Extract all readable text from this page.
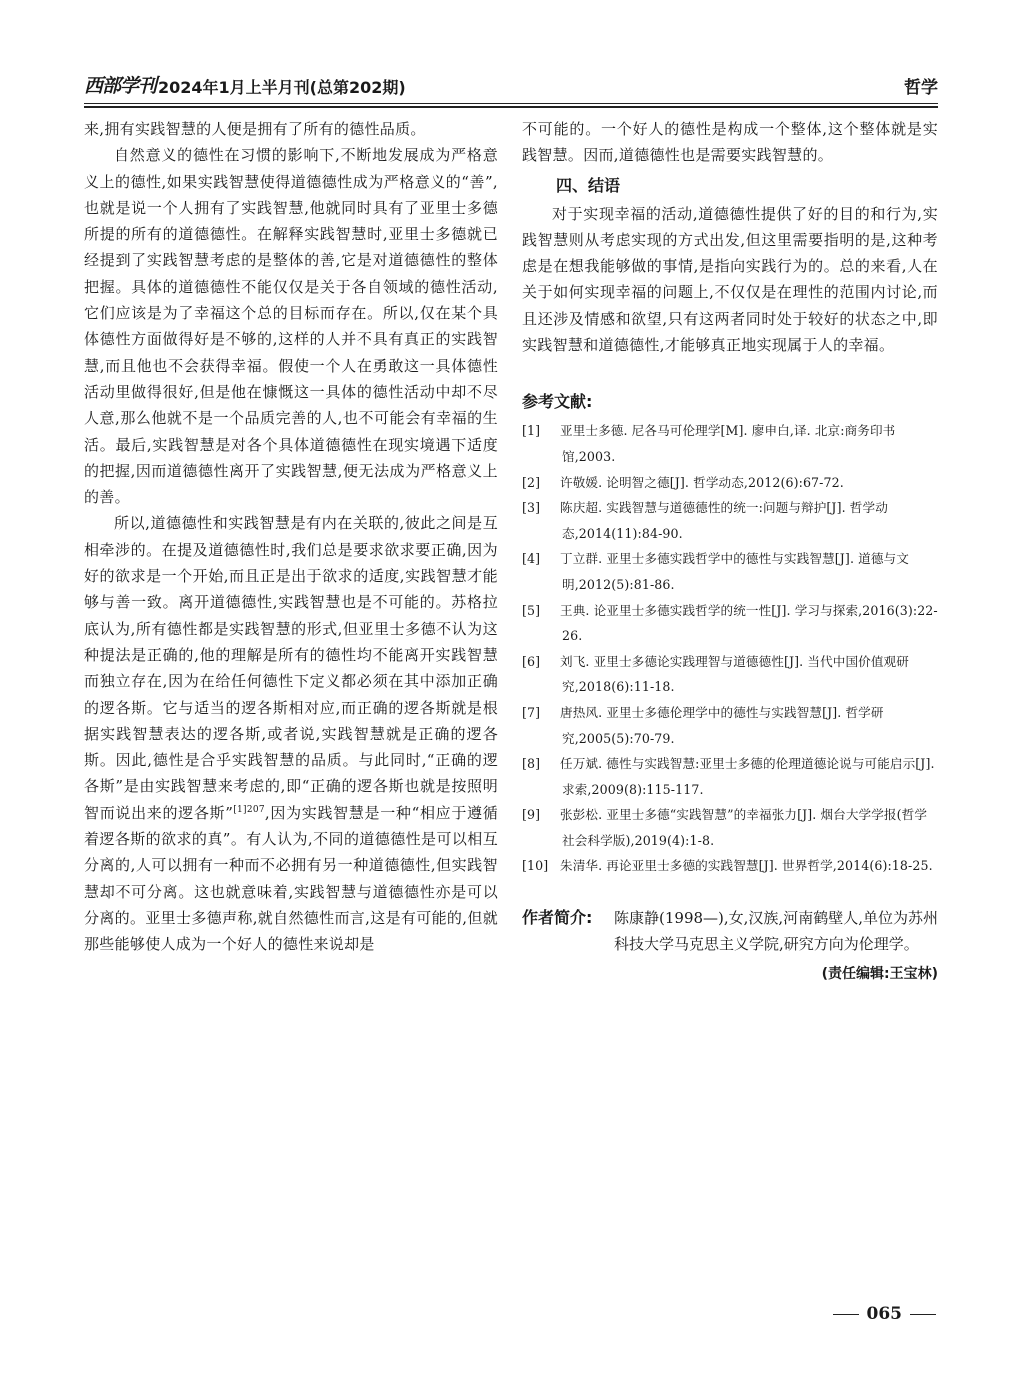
西部学刊 2024年1月上半月刊(总第202期)	哲学

来,拥有实践智慧的人便是拥有了所有的德性品质。

自然意义的德性在习惯的影响下,不断地发展成为严格意义上的德性,如果实践智慧使得道德德性成为严格意义的“善”,也就是说一个人拥有了实践智慧,他就同时具有了亚里士多德所提的所有的道德德性。在解释实践智慧时,亚里士多德就已经提到了实践智慧考虑的是整体的善,它是对道德德性的整体把握。具体的道德德性不能仅仅是关于各自领域的德性活动,它们应该是为了幸福这个总的目标而存在。所以,仅在某个具体德性方面做得好是不够的,这样的人并不具有真正的实践智慧,而且他也不会获得幸福。假使一个人在勇敢这一具体德性活动里做得很好,但是他在慷慨这一具体的德性活动中却不尽人意,那么他就不是一个品质完善的人,也不可能会有幸福的生活。最后,实践智慧是对各个具体道德德性在现实境遇下适度的把握,因而道德德性离开了实践智慧,便无法成为严格意义上的善。

所以,道德德性和实践智慧是有内在关联的,彼此之间是互相牵涉的。在提及道德德性时,我们总是要求欲求要正确,因为好的欲求是一个开始,而且正是出于欲求的适度,实践智慧才能够与善一致。离开道德德性,实践智慧也是不可能的。苏格拉底认为,所有德性都是实践智慧的形式,但亚里士多德不认为这种提法是正确的,他的理解是所有的德性均不能离开实践智慧而独立存在,因为在给任何德性下定义都必须在其中添加正确的逻各斯。它与适当的逻各斯相对应,而正确的逻各斯就是根据实践智慧表达的逻各斯,或者说,实践智慧就是正确的逻各斯。因此,德性是合乎实践智慧的品质。与此同时,“正确的逻各斯”是由实践智慧来考虑的,即“正确的逻各斯也就是按照明智而说出来的逻各斯”$^{[1]207}$,因为实践智慧是一种“相应于遵循着逻各斯的欲求的真”。有人认为,不同的道德德性是可以相互分离的,人可以拥有一种而不必拥有另一种道德德性,但实践智慧却不可分离。这也就意味着,实践智慧与道德德性亦是可以分离的。亚里士多德声称,就自然德性而言,这是有可能的,但就那些能够使人成为一个好人的德性来说却是

不可能的。一个好人的德性是构成一个整体,这个整体就是实践智慧。因而,道德德性也是需要实践智慧的。

四、结语

对于实现幸福的活动,道德德性提供了好的目的和行为,实践智慧则从考虑实现的方式出发,但这里需要指明的是,这种考虑是在想我能够做的事情,是指向实践行为的。总的来看,人在关于如何实现幸福的问题上,不仅仅是在理性的范围内讨论,而且还涉及情感和欲望,只有这两者同时处于较好的状态之中,即实践智慧和道德德性,才能够真正地实现属于人的幸福。

参考文献:
[1] 亚里士多德. 尼各马可伦理学[M]. 廖申白,译. 北京:商务印书馆,2003.
[2] 许敬媛. 论明智之德[J]. 哲学动态,2012(6):67-72.
[3] 陈庆超. 实践智慧与道德德性的统一:问题与辩护[J]. 哲学动态,2014(11):84-90.
[4] 丁立群. 亚里士多德实践哲学中的德性与实践智慧[J]. 道德与文明,2012(5):81-86.
[5] 王典. 论亚里士多德实践哲学的统一性[J]. 学习与探索,2016(3):22-26.
[6] 刘飞. 亚里士多德论实践理智与道德德性[J]. 当代中国价值观研究,2018(6):11-18.
[7] 唐热风. 亚里士多德伦理学中的德性与实践智慧[J]. 哲学研究,2005(5):70-79.
[8] 任万斌. 德性与实践智慧:亚里士多德的伦理道德论说与可能启示[J]. 求索,2009(8):115-117.
[9] 张彭松. 亚里士多德“实践智慧”的幸福张力[J]. 烟台大学学报(哲学社会科学版),2019(4):1-8.
[10] 朱清华. 再论亚里士多德的实践智慧[J]. 世界哲学,2014(6):18-25.
作者简介:	陈康静(1998—),女,汉族,河南鹤壁人,单位为苏州科技大学马克思主义学院,研究方向为伦理学。
(责任编辑:王宝林)
065
